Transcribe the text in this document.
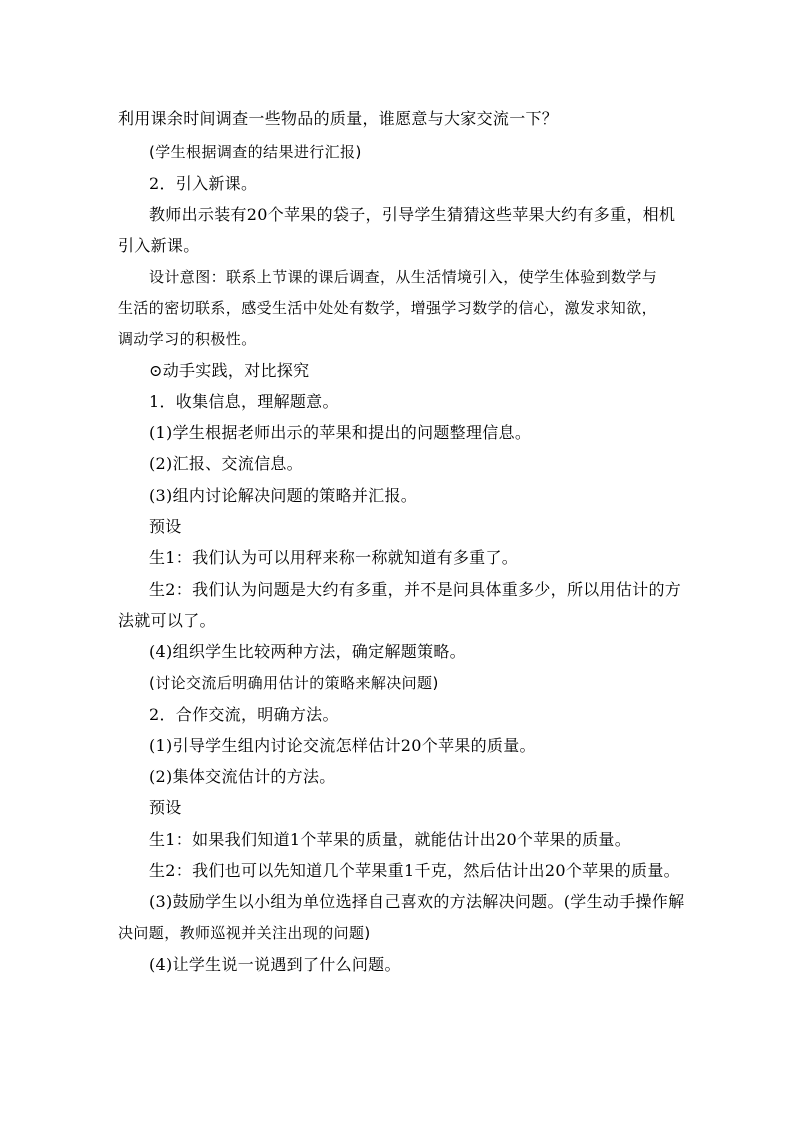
利用课余时间调查一些物品的质量，谁愿意与大家交流一下？
(学生根据调查的结果进行汇报)
2．引入新课。
教师出示装有20个苹果的袋子，引导学生猜猜这些苹果大约有多重，相机
引入新课。
设计意图：联系上节课的课后调查，从生活情境引入，使学生体验到数学与
生活的密切联系，感受生活中处处有数学，增强学习数学的信心，激发求知欲，
调动学习的积极性。
⊙动手实践，对比探究
1．收集信息，理解题意。
(1)学生根据老师出示的苹果和提出的问题整理信息。
(2)汇报、交流信息。
(3)组内讨论解决问题的策略并汇报。
预设
生1：我们认为可以用秤来称一称就知道有多重了。
生2：我们认为问题是大约有多重，并不是问具体重多少，所以用估计的方
法就可以了。
(4)组织学生比较两种方法，确定解题策略。
(讨论交流后明确用估计的策略来解决问题)
2．合作交流，明确方法。
(1)引导学生组内讨论交流怎样估计20个苹果的质量。
(2)集体交流估计的方法。
预设
生1：如果我们知道1个苹果的质量，就能估计出20个苹果的质量。
生2：我们也可以先知道几个苹果重1千克，然后估计出20个苹果的质量。
(3)鼓励学生以小组为单位选择自己喜欢的方法解决问题。(学生动手操作解
决问题，教师巡视并关注出现的问题)
(4)让学生说一说遇到了什么问题。
